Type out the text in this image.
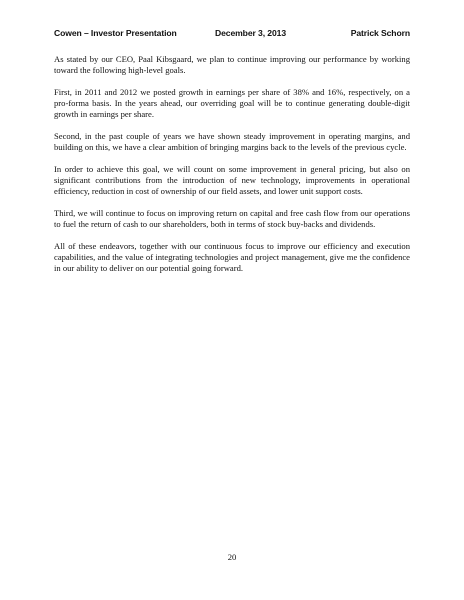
Cowen – Investor Presentation	December 3, 2013	Patrick Schorn

As stated by our CEO, Paal Kibsgaard, we plan to continue improving our performance by working toward the following high-level goals.

First, in 2011 and 2012 we posted growth in earnings per share of 38% and 16%, respectively, on a pro-forma basis. In the years ahead, our overriding goal will be to continue generating double-digit growth in earnings per share.

Second, in the past couple of years we have shown steady improvement in operating margins, and building on this, we have a clear ambition of bringing margins back to the levels of the previous cycle.

In order to achieve this goal, we will count on some improvement in general pricing, but also on significant contributions from the introduction of new technology, improvements in operational efficiency, reduction in cost of ownership of our field assets, and lower unit support costs.

Third, we will continue to focus on improving return on capital and free cash flow from our operations to fuel the return of cash to our shareholders, both in terms of stock buy-backs and dividends.

All of these endeavors, together with our continuous focus to improve our efficiency and execution capabilities, and the value of integrating technologies and project management, give me the confidence in our ability to deliver on our potential going forward.

20
